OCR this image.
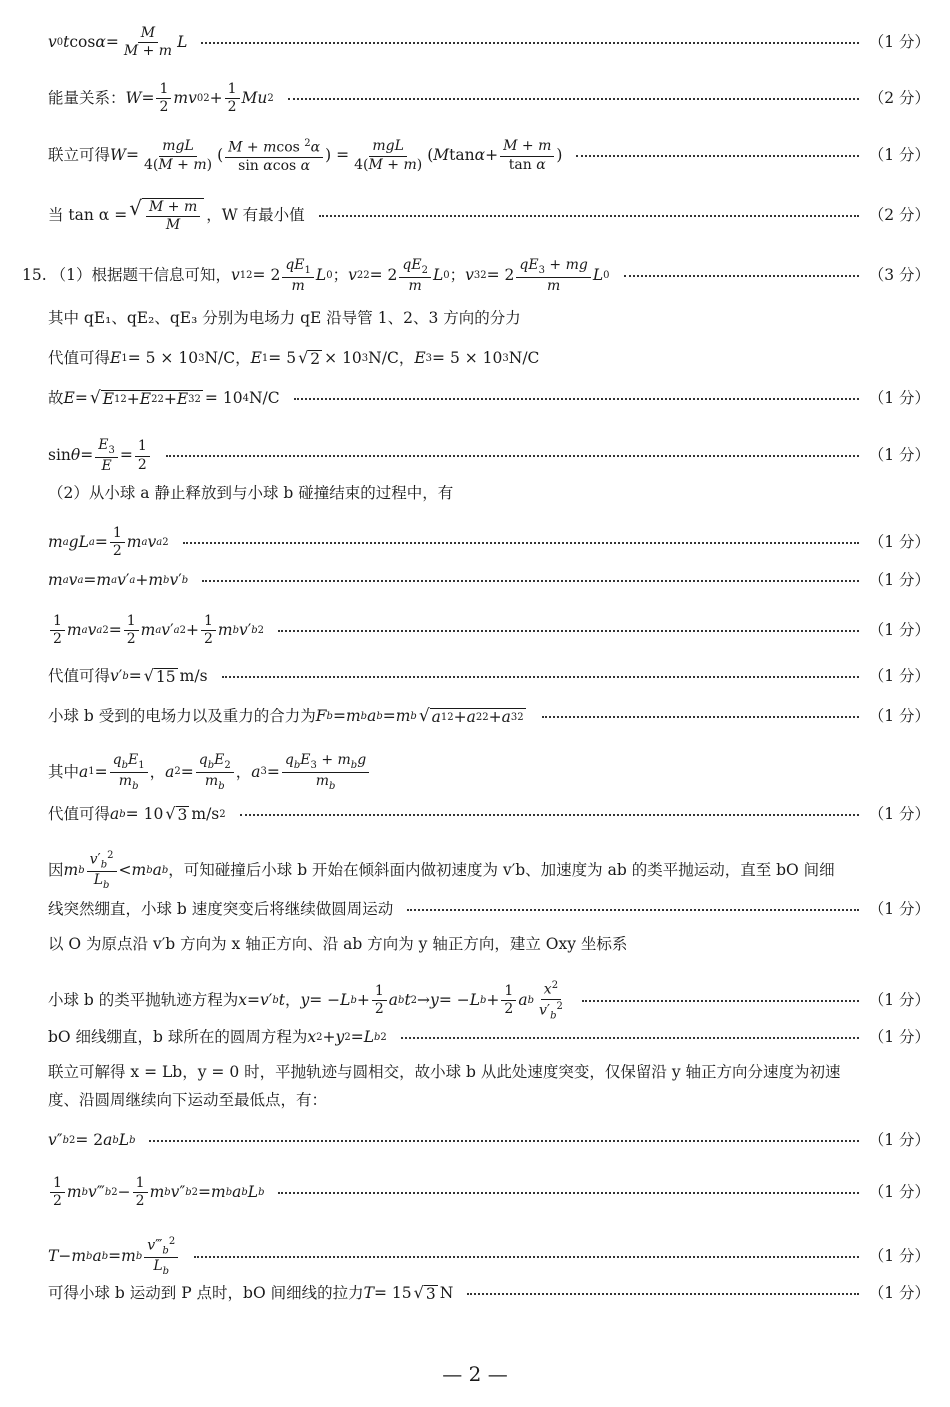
v 0 t $\cos \alpha = \frac{M}{M + m}$ L	（1 分）
能量关系： $W = \frac{1}{2}$ mv 0 $2 + \frac{1}{2}$ Mu 2	（2 分）
联立可得 $W = \frac{\text{mgL}}{4(M + m)}$ ( $\frac{M + mcos ^2\alpha}{\text{sin αcos α}}$ ) = $\frac{\text{mgL}}{4(M + m)}$ ( M $\tan \alpha + \frac{M + m}{\text{tan α}}$ )	（1 分）
当 tan α = √ $\frac{M + m}{M}$ ，W 有最小值	（2 分）
15. （1）根据题干信息可知， v 1 $2 = 2 \frac{qE_1}{m}$ L 0 ； v 2 $2 = 2 \frac{qE_2}{m}$ L 0 ； v 3 $2 = 2 \frac{qE_3 + mg}{m}$ L 0	（3 分）
其中 qE₁、qE₂、qE₃ 分别为电场力 qE 沿导管 1、2、3 方向的分力
代值可得 E 1 = 5 × 10 3 N/C， E 1 = 5 √ 2 × 10 3 N/C， E 3 = 5 × 10 3 N/C
故 E = √ E 1 2 + E 2 2 + E 3 2 = 10 4 N/C	（1 分）
$\sin \theta = \frac{E_3}{E} = \frac{1}{2}$	（1 分）
（2）从小球 a 静止释放到与小球 b 碰撞结束的过程中，有
m a gL $a = \frac{1}{2}$ m a v a 2	（1 分）
m a v a = m a v ′ a + m b v ′ b	（1 分）
$\frac{1}{2}$ m a v a $2 = \frac{1}{2}$ m a v ′ a $2 + \frac{1}{2}$ m b v ′ b 2	（1 分）
代值可得 v ′ b = √ 15 m/s	（1 分）
小球 b 受到的电场力以及重力的合力为 F b = m b a b = m b √ a 1 2 + a 2 2 + a 3 2	（1 分）
其中 a $1 = \frac{q_bE_1}{m_b}$ ， a $2 = \frac{q_bE_2}{m_b}$ ， a $3 = \frac{q_bE_3 + m_bg}{m_b}$
代值可得 a b = 10 √ 3 m/s 2	（1 分）
因 m b $\frac{v'_b^2}{L_b} < m$ b a b ，可知碰撞后小球 b 开始在倾斜面内做初速度为 v′b、加速度为 ab 的类平抛运动，直至 bO 间细
线突然绷直，小球 b 速度突变后将继续做圆周运动	（1 分）
以 O 为原点沿 v′b 方向为 x 轴正方向、沿 ab 方向为 y 轴正方向，建立 Oxy 坐标系
小球 b 的类平抛轨迹方程为 x = v ′ b t ， y = − L $b + \frac{1}{2}$ a b t 2 → y = − L $b + \frac{1}{2}$ a b $\frac{x^2}{v'_b^2}$	（1 分）
bO 细线绷直，b 球所在的圆周方程为 x 2 + y 2 = L b 2	（1 分）
联立可解得 x = Lb，y = 0 时，平抛轨迹与圆相交，故小球 b 从此处速度突变，仅保留沿 y 轴正方向分速度为初速
度、沿圆周继续向下运动至最低点，有：
v ″ b 2 = 2 a b L b	（1 分）
$\frac{1}{2}$ m b v ‴ b $2 - \frac{1}{2}$ m b v ″ b 2 = m b a b L b	（1 分）
T − m b a b = m b $\frac{v‴_b^2}{L_b}$	（1 分）
可得小球 b 运动到 P 点时，bO 间细线的拉力 T = 15 √ 3 N	（1 分）
— 2 —
